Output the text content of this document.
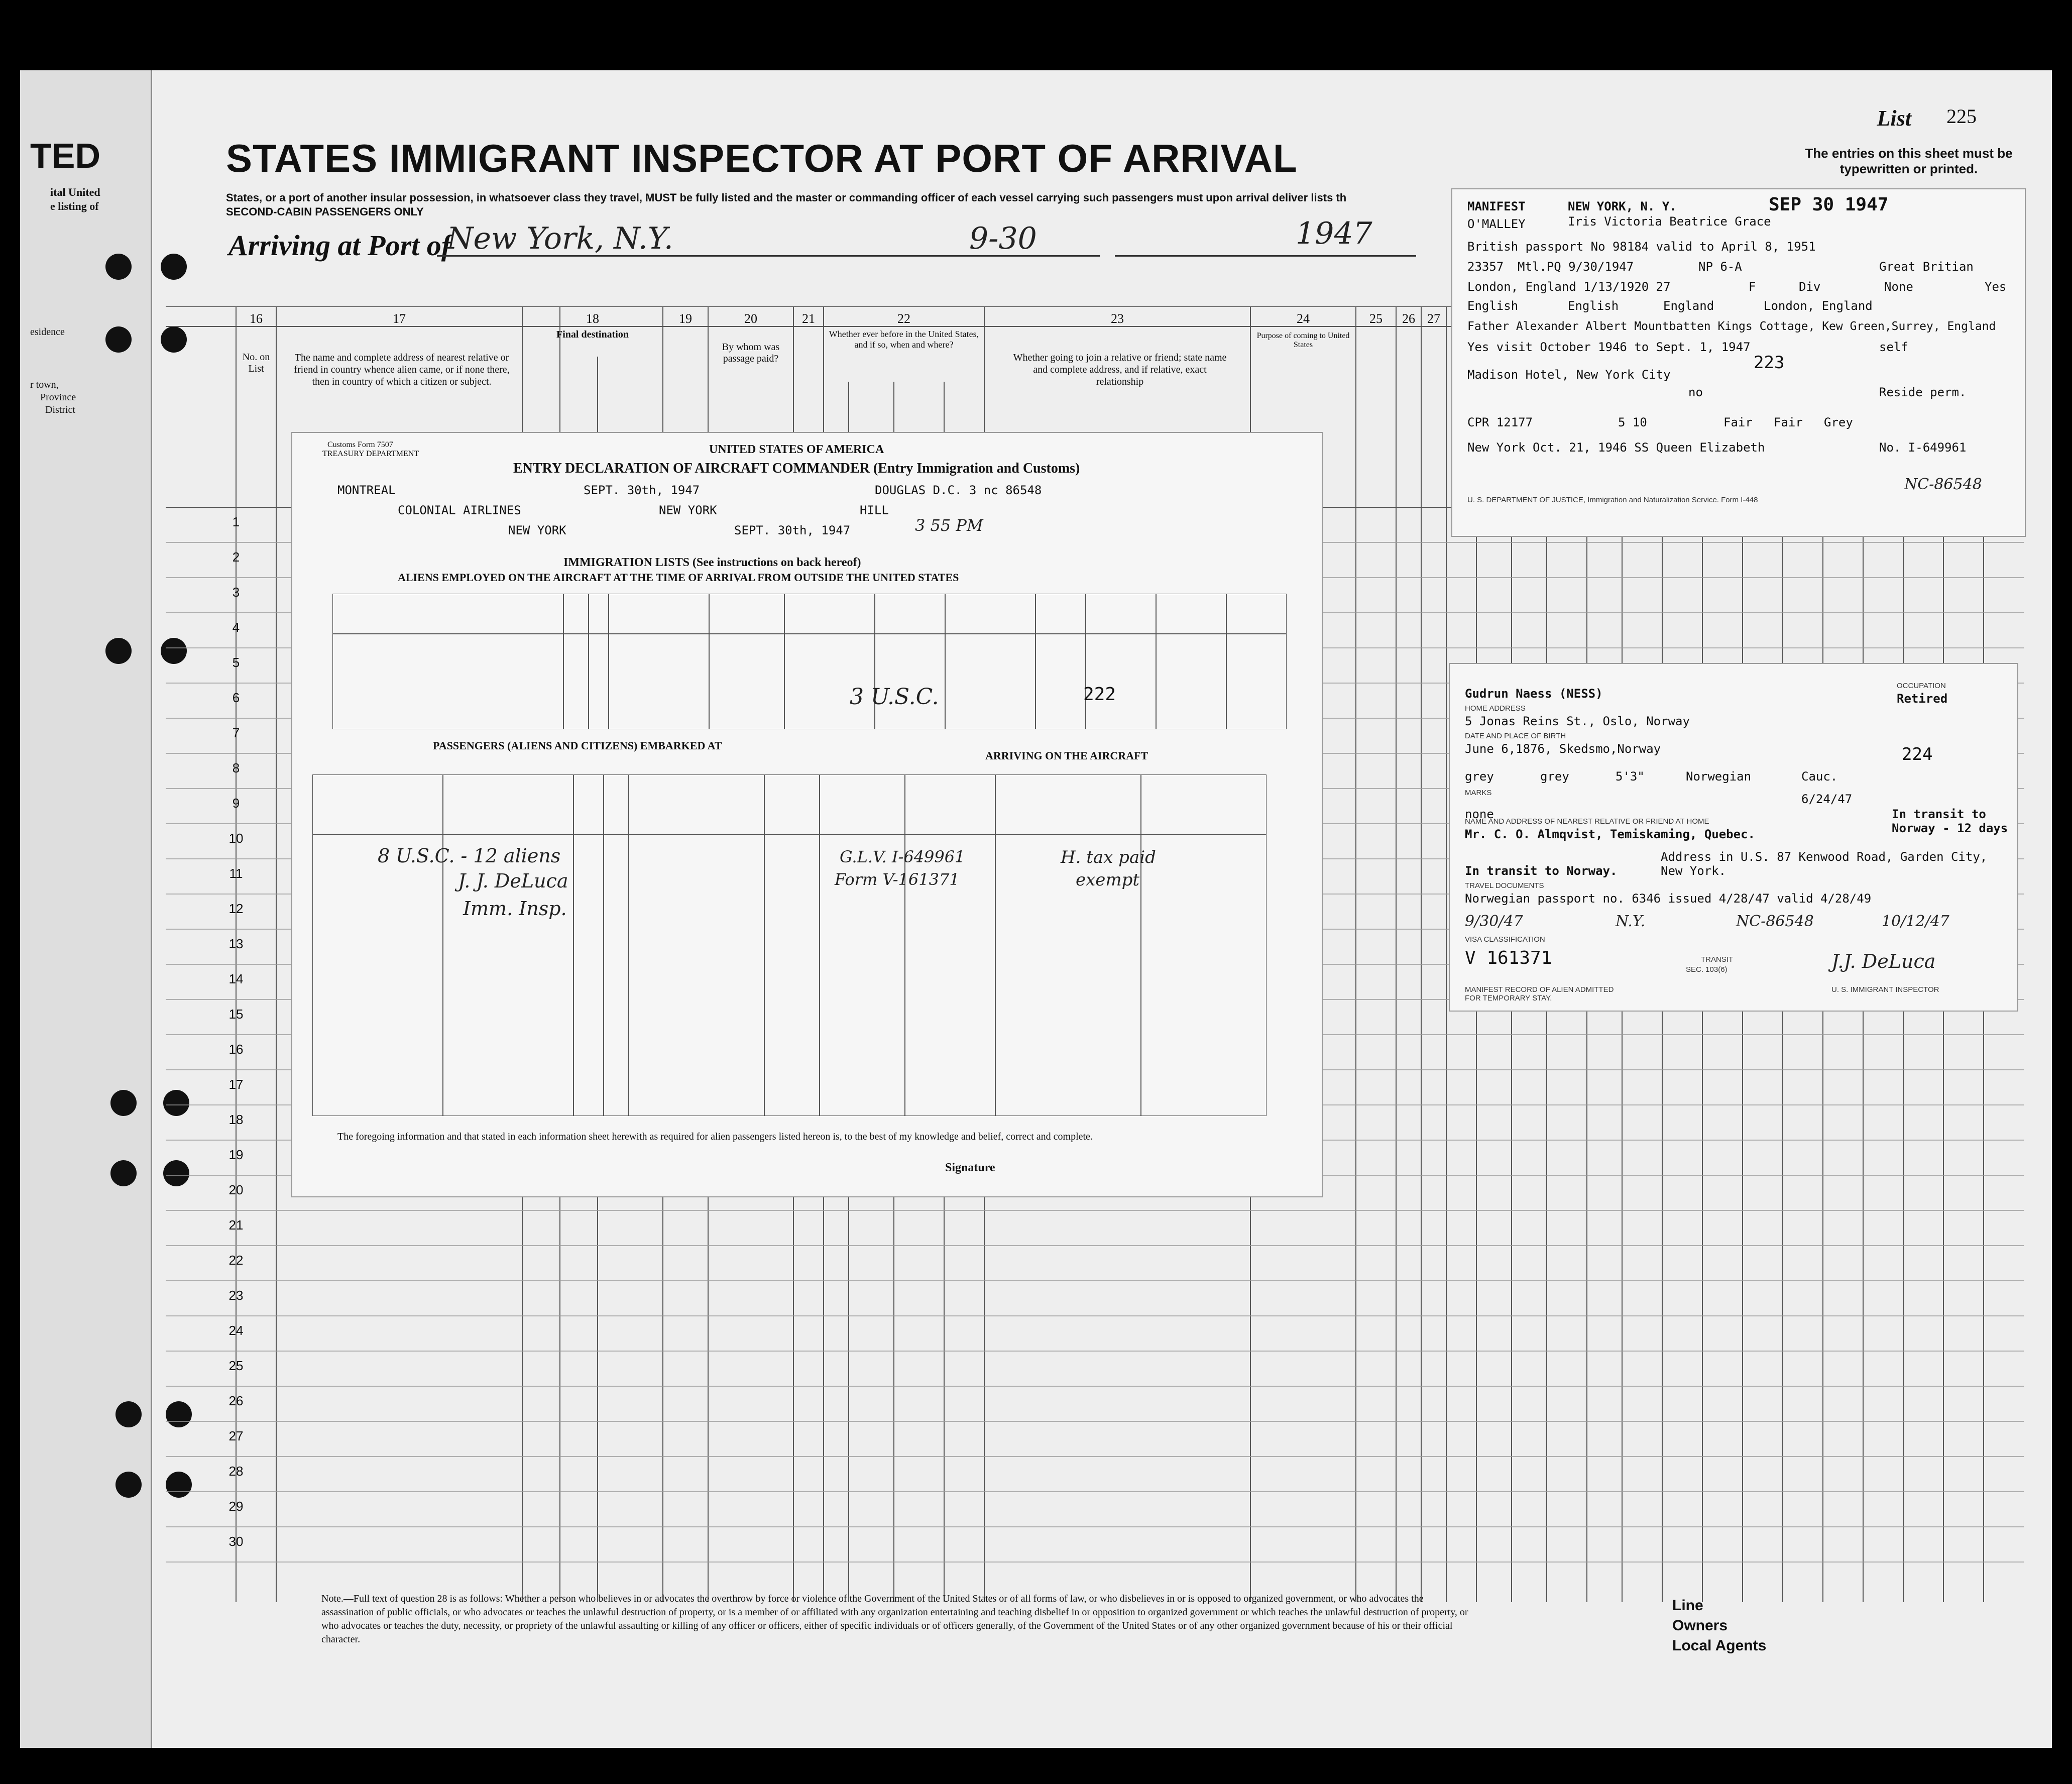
TED
ital United
e listing of
esidence
r town,
Province
District
STATES IMMIGRANT INSPECTOR AT PORT OF ARRIVAL
States, or a port of another insular possession, in whatsoever class they travel, MUST be fully listed and the master or commanding officer of each vessel carrying such passengers must upon arrival deliver lists th
SECOND-CABIN PASSENGERS ONLY
Arriving at Port of
New York, N.Y.	9-30	1947
List 225
The entries on this sheet must be typewritten or printed.
16
No. on List
17
The name and complete address of nearest relative or friend in country whence alien came, or if none there, then in country of which a citizen or subject.
18
Final destination
19	20
By whom was passage paid?
21	22
Whether ever before in the United States, and if so, when and where?
23
Whether going to join a relative or friend; state name and complete address, and if relative, exact relationship
24
Purpose of coming to United States
25	26 27
1
2
3
4
5
6
7
8
9
10
11
12
13
14
15
16
17
18
19
20
21
22
23
24
25
26
27
28
29
30
Note.—Full text of question 28 is as follows: Whether a person who believes in or advocates the overthrow by force or violence of the Government of the United States or of all forms of law, or who disbelieves in or is opposed to organized government, or who advocates the assassination of public officials, or who advocates or teaches the unlawful destruction of property, or is a member of or affiliated with any organization entertaining and teaching disbelief in or opposition to organized government or which teaches the unlawful destruction of property, or who advocates or teaches the duty, necessity, or propriety of the unlawful assaulting or killing of any officer or officers, either of specific individuals or of officers generally, of the Government of the United States or of any other organized government because of his or their official character.
Line
Owners
Local Agents
Customs Form 7507
TREASURY DEPARTMENT	UNITED STATES OF AMERICA
ENTRY DECLARATION OF AIRCRAFT COMMANDER (Entry Immigration and Customs)
MONTREAL	SEPT. 30th, 1947	DOUGLAS D.C. 3 nc 86548
COLONIAL AIRLINES	NEW YORK	HILL
NEW YORK	SEPT. 30th, 1947	3 55 PM
IMMIGRATION LISTS (See instructions on back hereof)
ALIENS EMPLOYED ON THE AIRCRAFT AT THE TIME OF ARRIVAL FROM OUTSIDE THE UNITED STATES
3 U.S.C.	222
PASSENGERS (ALIENS AND CITIZENS) EMBARKED AT
ARRIVING ON THE AIRCRAFT
8 U.S.C. - 12 aliens
J. J. DeLuca
Imm. Insp.
G.L.V. I-649961
Form V-161371
H. tax paid
exempt
The foregoing information and that stated in each information sheet herewith as required for alien passengers listed hereon is, to the best of my knowledge and belief, correct and complete.
Signature
MANIFEST	NEW YORK, N. Y.	SEP 30 1947
O'MALLEY	Iris Victoria Beatrice Grace
British passport No 98184 valid to April 8, 1951
23357 Mtl.PQ 9/30/1947	NP 6-A	Great Britian
London, England 1/13/1920 27	F	Div	None	Yes
English	English	England	London, England
Father Alexander Albert Mountbatten Kings Cottage, Kew Green,Surrey, England
Yes visit October 1946 to Sept. 1, 1947	self
223
Madison Hotel, New York City
no	Reside perm.
CPR 12177	5 10	Fair Fair Grey
New York Oct. 21, 1946 SS Queen Elizabeth	No. I-649961
NC-86548
U. S. DEPARTMENT OF JUSTICE, Immigration and Naturalization Service. Form I-448
Gudrun Naess (NESS)
OCCUPATION
Retired
HOME ADDRESS
5 Jonas Reins St., Oslo, Norway
DATE AND PLACE OF BIRTH
June 6,1876, Skedsmo,Norway	224
grey	grey	5'3"	Norwegian	Cauc.
MARKS	6/24/47
none	In transit to Norway - 12 days
NAME AND ADDRESS OF NEAREST RELATIVE OR FRIEND AT HOME
Mr. C. O. Almqvist, Temiskaming, Quebec.
Address in U.S. 87 Kenwood Road, Garden City, New York.
In transit to Norway.
TRAVEL DOCUMENTS
Norwegian passport no. 6346 issued 4/28/47 valid 4/28/49
9/30/47	N.Y.	NC-86548	10/12/47
VISA CLASSIFICATION
V 161371	TRANSIT
SEC. 103(6)	J.J. DeLuca
MANIFEST RECORD OF ALIEN ADMITTED FOR TEMPORARY STAY.
U. S. IMMIGRANT INSPECTOR
